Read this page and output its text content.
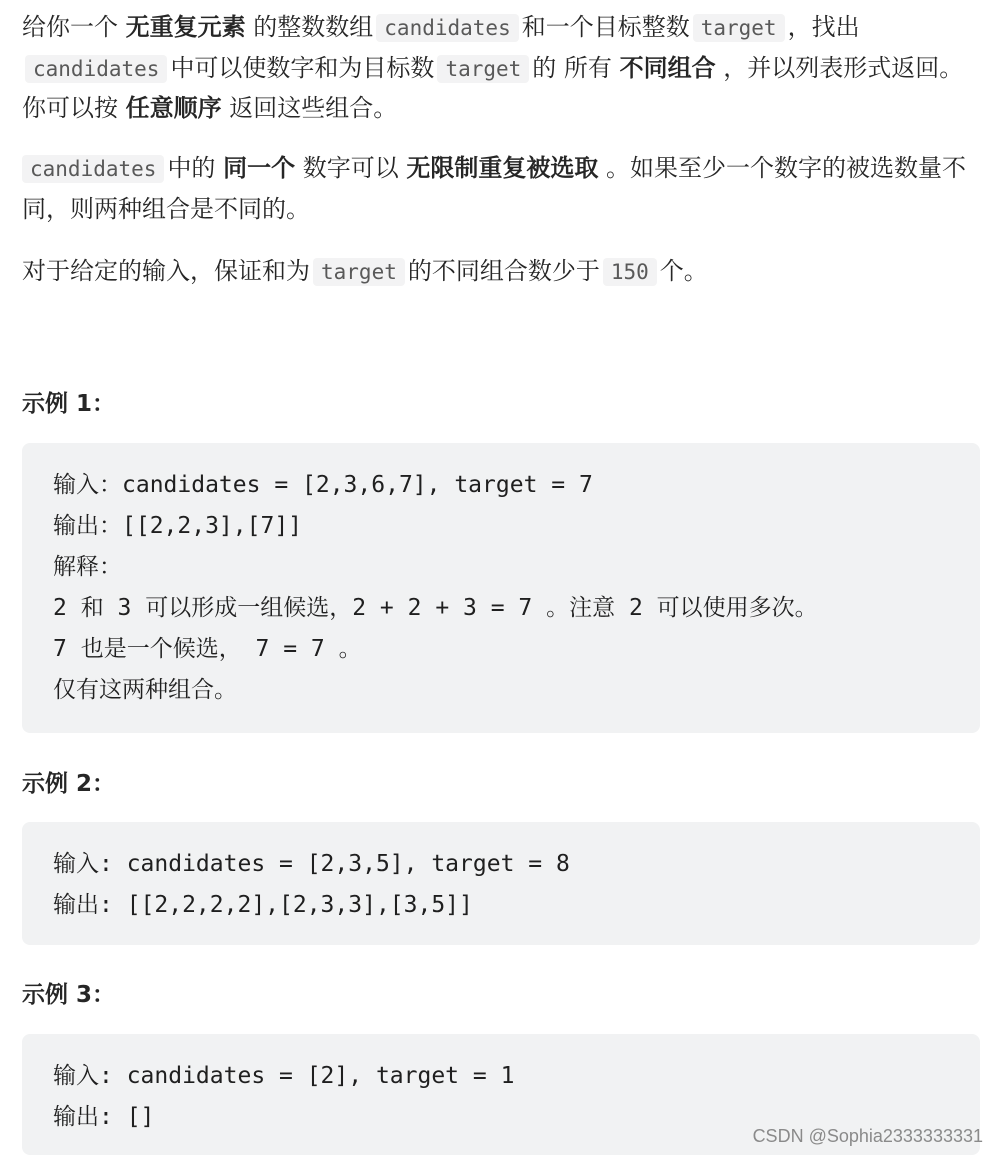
给你一个 无重复元素 的整数数组 candidates 和一个目标整数 target ，找出candidates 中可以使数字和为目标数 target 的 所有 不同组合 ，并以列表形式返回。你可以按 任意顺序 返回这些组合。

candidates 中的 同一个 数字可以 无限制重复被选取 。如果至少一个数字的被选数量不同，则两种组合是不同的。

对于给定的输入，保证和为 target 的不同组合数少于 150 个。

示例 1：

输入：candidates = [2,3,6,7], target = 7
输出：[[2,2,3],[7]]
解释：
2 和 3 可以形成一组候选，2 + 2 + 3 = 7 。注意 2 可以使用多次。
7 也是一个候选， 7 = 7 。
仅有这两种组合。

示例 2：

输入: candidates = [2,3,5], target = 8
输出: [[2,2,2,2],[2,3,3],[3,5]]

示例 3：

输入: candidates = [2], target = 1
输出: []
CSDN @Sophia2333333331
